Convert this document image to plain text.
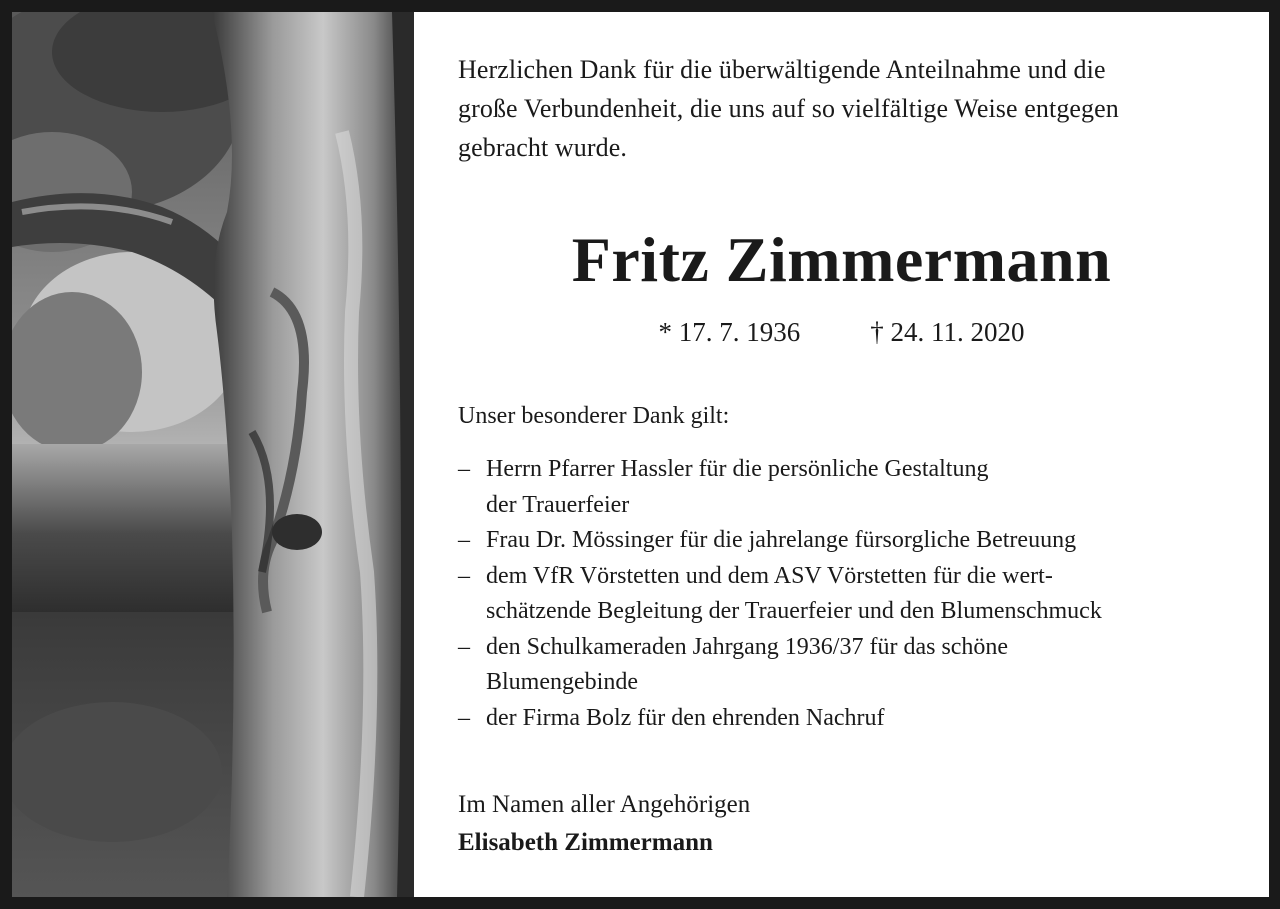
Herzlichen Dank für die überwältigende Anteilnahme und die
große Verbundenheit, die uns auf so vielfältige Weise entgegen
gebracht wurde.

Fritz Zimmermann
* 17. 7. 1936	† 24. 11. 2020

Unser besonderer Dank gilt:

– Herrn Pfarrer Hassler für die persönliche Gestaltung
der Trauerfeier
– Frau Dr. Mössinger für die jahrelange fürsorgliche Betreuung
– dem VfR Vörstetten und dem ASV Vörstetten für die wert-
schätzende Begleitung der Trauerfeier und den Blumenschmuck
– den Schulkameraden Jahrgang 1936/37 für das schöne
Blumengebinde
– der Firma Bolz für den ehrenden Nachruf

Im Namen aller Angehörigen

Elisabeth Zimmermann
